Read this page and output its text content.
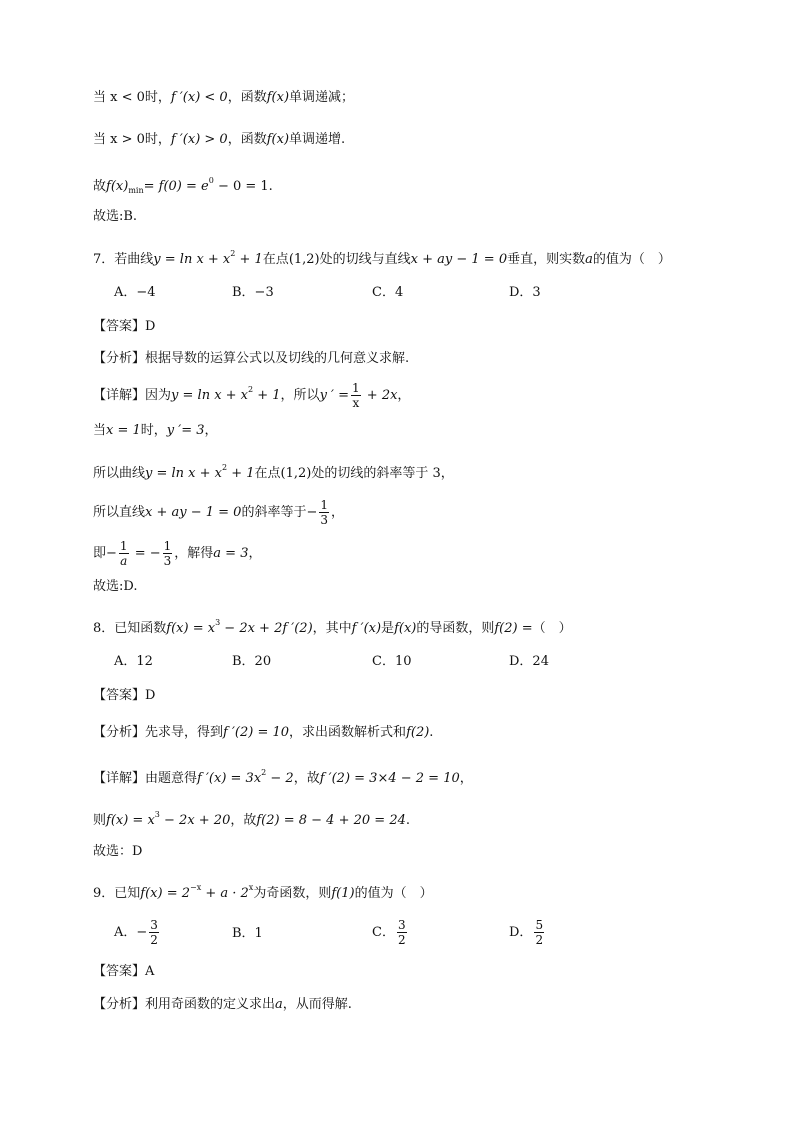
当 x < 0时，f ′(x) < 0，函数f(x)单调递减；
当 x > 0时，f ′(x) > 0，函数f(x)单调递增.
故$f(x)_{min}= f(0) = e^0 - 0 = 1$.
故选:B.
7．若曲线$y = \ln x + x^2 + 1$在点(1,2)处的切线与直线x + ay − 1 = 0垂直，则实数a的值为（　）
A．−4	B．−3	C．4	D．3
【答案】D
【分析】根据导数的运算公式以及切线的几何意义求解.
【详解】因为$y = \ln x + x^2 + 1$，所以y ′ = $\frac{1}{x} + 2x$，
当x = 1时，y ′= 3，
所以曲线$y = \ln x + x^2 + 1$在点(1,2)处的切线的斜率等于 3，
所以直线x + ay − 1 = 0的斜率等于− $\frac{1}{3}$ ，
即− $\frac{1}{a}$ = − $\frac{1}{3}$ ，解得a = 3，
故选:D.
8．已知函数$f(x) = x^3 - 2x + 2f$ ′(2)，其中f ′(x)是f(x)的导函数，则f(2) =（　）
A．12	B．20	C．10	D．24
【答案】D
【分析】先求导，得到f ′(2) = 10，求出函数解析式和f(2).
【详解】由题意得f $'(x) = 3x^2 - 2$，故f ′(2) = 3×4 − 2 = 10，
则$f(x) = x^3 - 2x + 20$，故f(2) = 8 − 4 + 20 = 24.
故选：D
9．已知$f(x) = 2^{-x} + a \cdot 2^x$为奇函数，则f(1)的值为（　）
A．− $\frac{3}{2}$	B．1	C． $\frac{3}{2}$	D． $\frac{5}{2}$
【答案】A
【分析】利用奇函数的定义求出a，从而得解.
